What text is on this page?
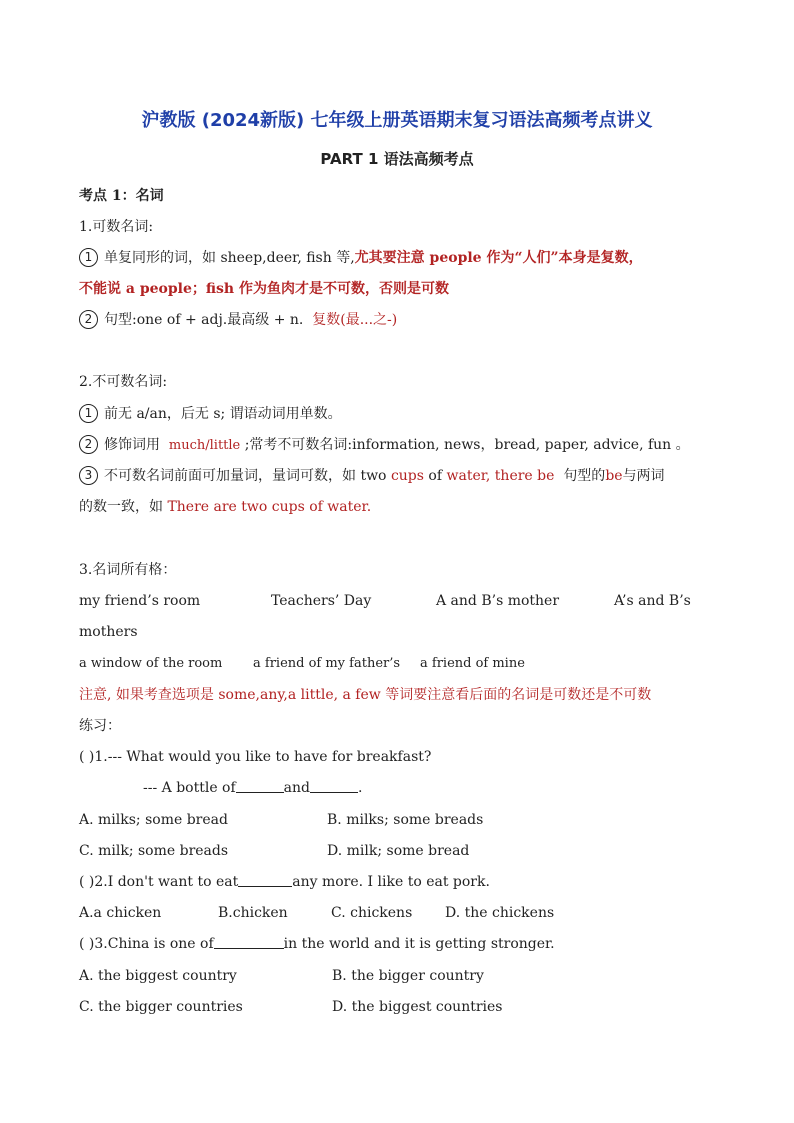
沪教版 (2024新版) 七年级上册英语期末复习语法高频考点讲义
PART 1 语法高频考点
考点 1：名词
1.可数名词:
1 单复同形的词，如 sheep,deer, fish 等,尤其要注意 people 作为“人们”本身是复数，
不能说 a people；fish 作为鱼肉才是不可数，否则是可数
2 句型:one of + adj.最高级 + n. 复数(最...之-)
2.不可数名词:
1 前无 a/an，后无 s; 谓语动词用单数。
2 修饰词用 much/little ;常考不可数名词:information, news，bread, paper, advice, fun 。
3 不可数名词前面可加量词，量词可数，如 two cups of water, there be 句型的be与两词
的数一致，如 There are two cups of water.
3.名词所有格：
my friend’s room	Teachers’ Day	A and B’s mother	A’s and B’s
mothers
a window of the room a friend of my father’s a friend of mine
注意, 如果考查选项是 some,any,a little, a few 等词要注意看后面的名词是可数还是不可数
练习：
( )1.--- What would you like to have for breakfast?
--- A bottle of	and	.
A. milks; some bread	B. milks; some breads
C. milk; some breads	D. milk; some bread
( )2.I don't want to eat	any more. I like to eat pork.
A.a chicken	B.chicken	C. chickens D. the chickens
( )3.China is one of	in the world and it is getting stronger.
A. the biggest country	B. the bigger country
C. the bigger countries	D. the biggest countries
